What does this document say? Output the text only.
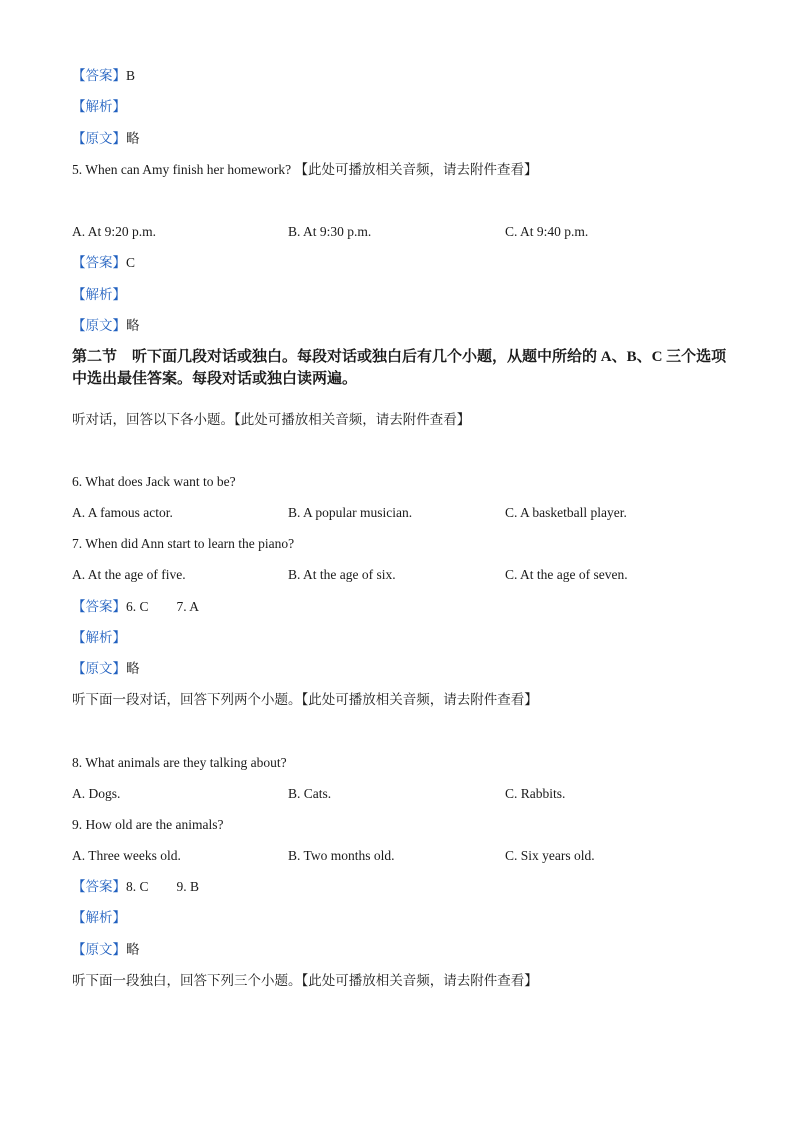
【答案】B
【解析】
【原文】略
5. When can Amy finish her homework? 【此处可播放相关音频，请去附件查看】
A. At 9:20 p.m.	B. At 9:30 p.m.	C. At 9:40 p.m.
【答案】C
【解析】
【原文】略
第二节　听下面几段对话或独白。每段对话或独白后有几个小题，从题中所给的 A、B、C 三个选项中选出最佳答案。每段对话或独白读两遍。
听对话，回答以下各小题。【此处可播放相关音频，请去附件查看】
6. What does Jack want to be?
A. A famous actor.	B. A popular musician.	C. A basketball player.
7. When did Ann start to learn the piano?
A. At the age of five.	B. At the age of six.	C. At the age of seven.
【答案】6. C 7. A
【解析】
【原文】略
听下面一段对话，回答下列两个小题。【此处可播放相关音频，请去附件查看】
8. What animals are they talking about?
A. Dogs.	B. Cats.	C. Rabbits.
9. How old are the animals?
A. Three weeks old.	B. Two months old.	C. Six years old.
【答案】8. C 9. B
【解析】
【原文】略
听下面一段独白，回答下列三个小题。【此处可播放相关音频，请去附件查看】
